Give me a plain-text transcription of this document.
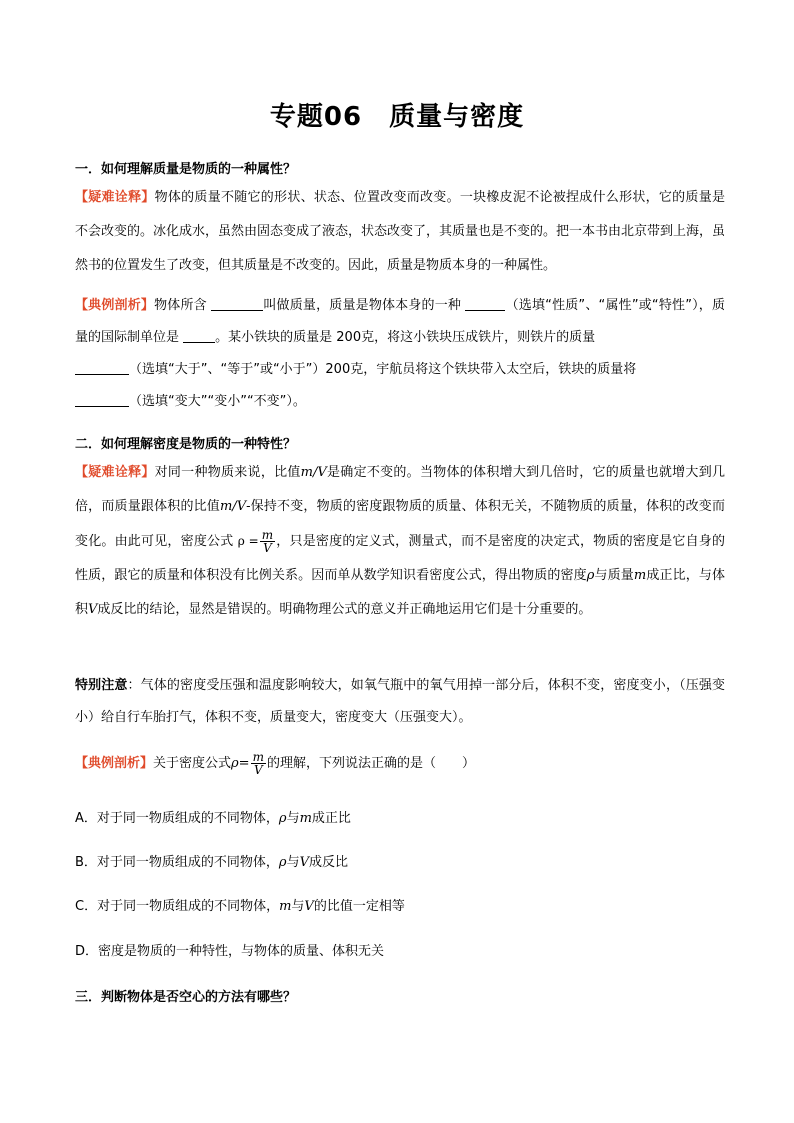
专题06　质量与密度
一．如何理解质量是物质的一种属性？
【疑难诠释】物体的质量不随它的形状、状态、位置改变而改变。一块橡皮泥不论被捏成什么形状，它的质量是不会改变的。冰化成水，虽然由固态变成了液态，状态改变了，其质量也是不变的。把一本书由北京带到上海，虽然书的位置发生了改变，但其质量是不改变的。因此，质量是物质本身的一种属性。
【典例剖析】物体所含	叫做质量，质量是物体本身的一种	（选填“性质”、“属性”或“特性”），质量的国际制单位是 。某小铁块的质量是 200克，将这小铁块压成铁片，则铁片的质量
（选填“大于”、“等于”或“小于”）200克，宇航员将这个铁块带入太空后，铁块的质量将
（选填“变大”“变小”“不变”）。
二．如何理解密度是物质的一种特性？
【疑难诠释】对同一种物质来说，比值m/V是确定不变的。当物体的体积增大到几倍时，它的质量也就增大到几倍，而质量跟体积的比值m/V-保持不变，物质的密度跟物质的质量、体积无关，不随物质的质量，体积的改变而变化。由此可见，密度公式 $\rho = \frac{m}{V}$ ，只是密度的定义式，测量式，而不是密度的决定式，物质的密度是它自身的性质，跟它的质量和体积没有比例关系。因而单从数学知识看密度公式，得出物质的密度ρ与质量m成正比，与体积V成反比的结论，显然是错误的。明确物理公式的意义并正确地运用它们是十分重要的。
特别注意：气体的密度受压强和温度影响较大，如氧气瓶中的氧气用掉一部分后，体积不变，密度变小，（压强变小）给自行车胎打气，体积不变，质量变大，密度变大（压强变大）。
【典例剖析】关于密度公式$\rho= \frac{m}{V}$ 的理解，下列说法正确的是（　　）
A．对于同一物质组成的不同物体，ρ与m成正比
B．对于同一物质组成的不同物体，ρ与V成反比
C．对于同一物质组成的不同物体，m与V的比值一定相等
D．密度是物质的一种特性，与物体的质量、体积无关
三．判断物体是否空心的方法有哪些？
